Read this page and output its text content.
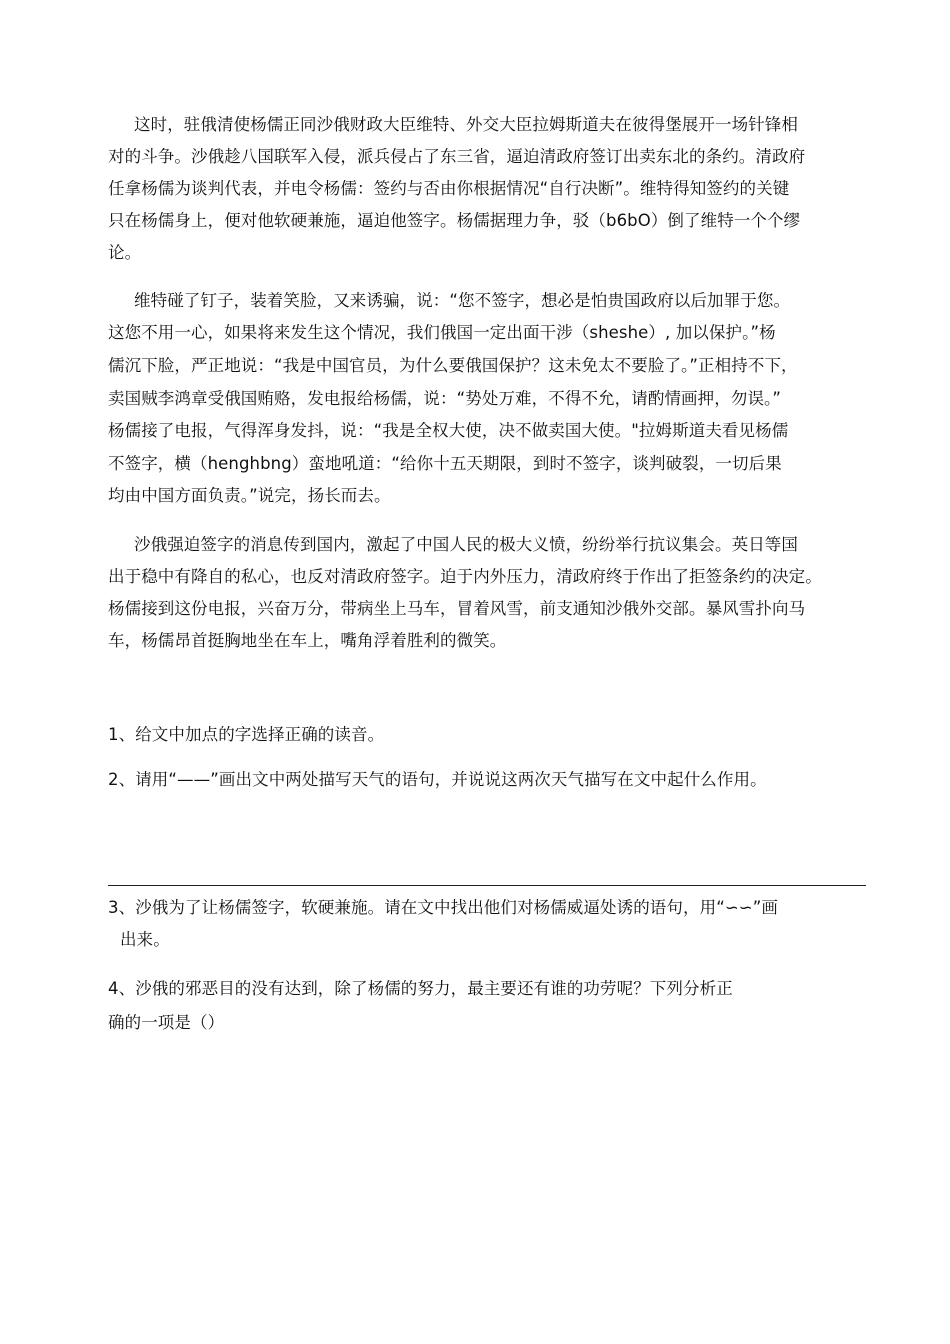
这时，驻俄清使杨儒正同沙俄财政大臣维特、外交大臣拉姆斯道夫在彼得堡展开一场针锋相
对的斗争。沙俄趁八国联军入侵，派兵侵占了东三省，逼迫清政府签订出卖东北的条约。清政府
任拿杨儒为谈判代表，并电令杨儒：签约与否由你根据情况“自行决断”。维特得知签约的关键
只在杨儒身上，便对他软硬兼施，逼迫他签字。杨儒据理力争，驳（b6bO）倒了维特一个个缪
论。
维特碰了钉子，装着笑脸，又来诱骗，说：“您不签字，想必是怕贵国政府以后加罪于您。
这您不用一心，如果将来发生这个情况，我们俄国一定出面干涉（sheshe）, 加以保护。”杨
儒沉下脸，严正地说：“我是中国官员，为什么要俄国保护？这未免太不要脸了。”正相持不下，
卖国贼李鸿章受俄国贿赂，发电报给杨儒，说：“势处万难，不得不允，请酌情画押，勿误。”
杨儒接了电报，气得浑身发抖，说：“我是全权大使，决不做卖国大使。"拉姆斯道夫看见杨儒
不签字，横（henghbng）蛮地吼道：“给你十五天期限，到时不签字，谈判破裂，一切后果
均由中国方面负责。”说完，扬长而去。
沙俄强迫签字的消息传到国内，激起了中国人民的极大义愤，纷纷举行抗议集会。英日等国
出于稳中有降自的私心，也反对清政府签字。迫于内外压力，清政府终于作出了拒签条约的决定。
杨儒接到这份电报，兴奋万分，带病坐上马车，冒着风雪，前支通知沙俄外交部。暴风雪扑向马
车，杨儒昂首挺胸地坐在车上，嘴角浮着胜利的微笑。
1、给文中加点的字选择正确的读音。
2、请用“——”画出文中两处描写天气的语句，并说说这两次天气描写在文中起什么作用。
3、沙俄为了让杨儒签字，软硬兼施。请在文中找出他们对杨儒威逼处诱的语句，用“∽∽”画
出来。
4、沙俄的邪恶目的没有达到，除了杨儒的努力，最主要还有谁的功劳呢？下列分析正
确的一项是（）
